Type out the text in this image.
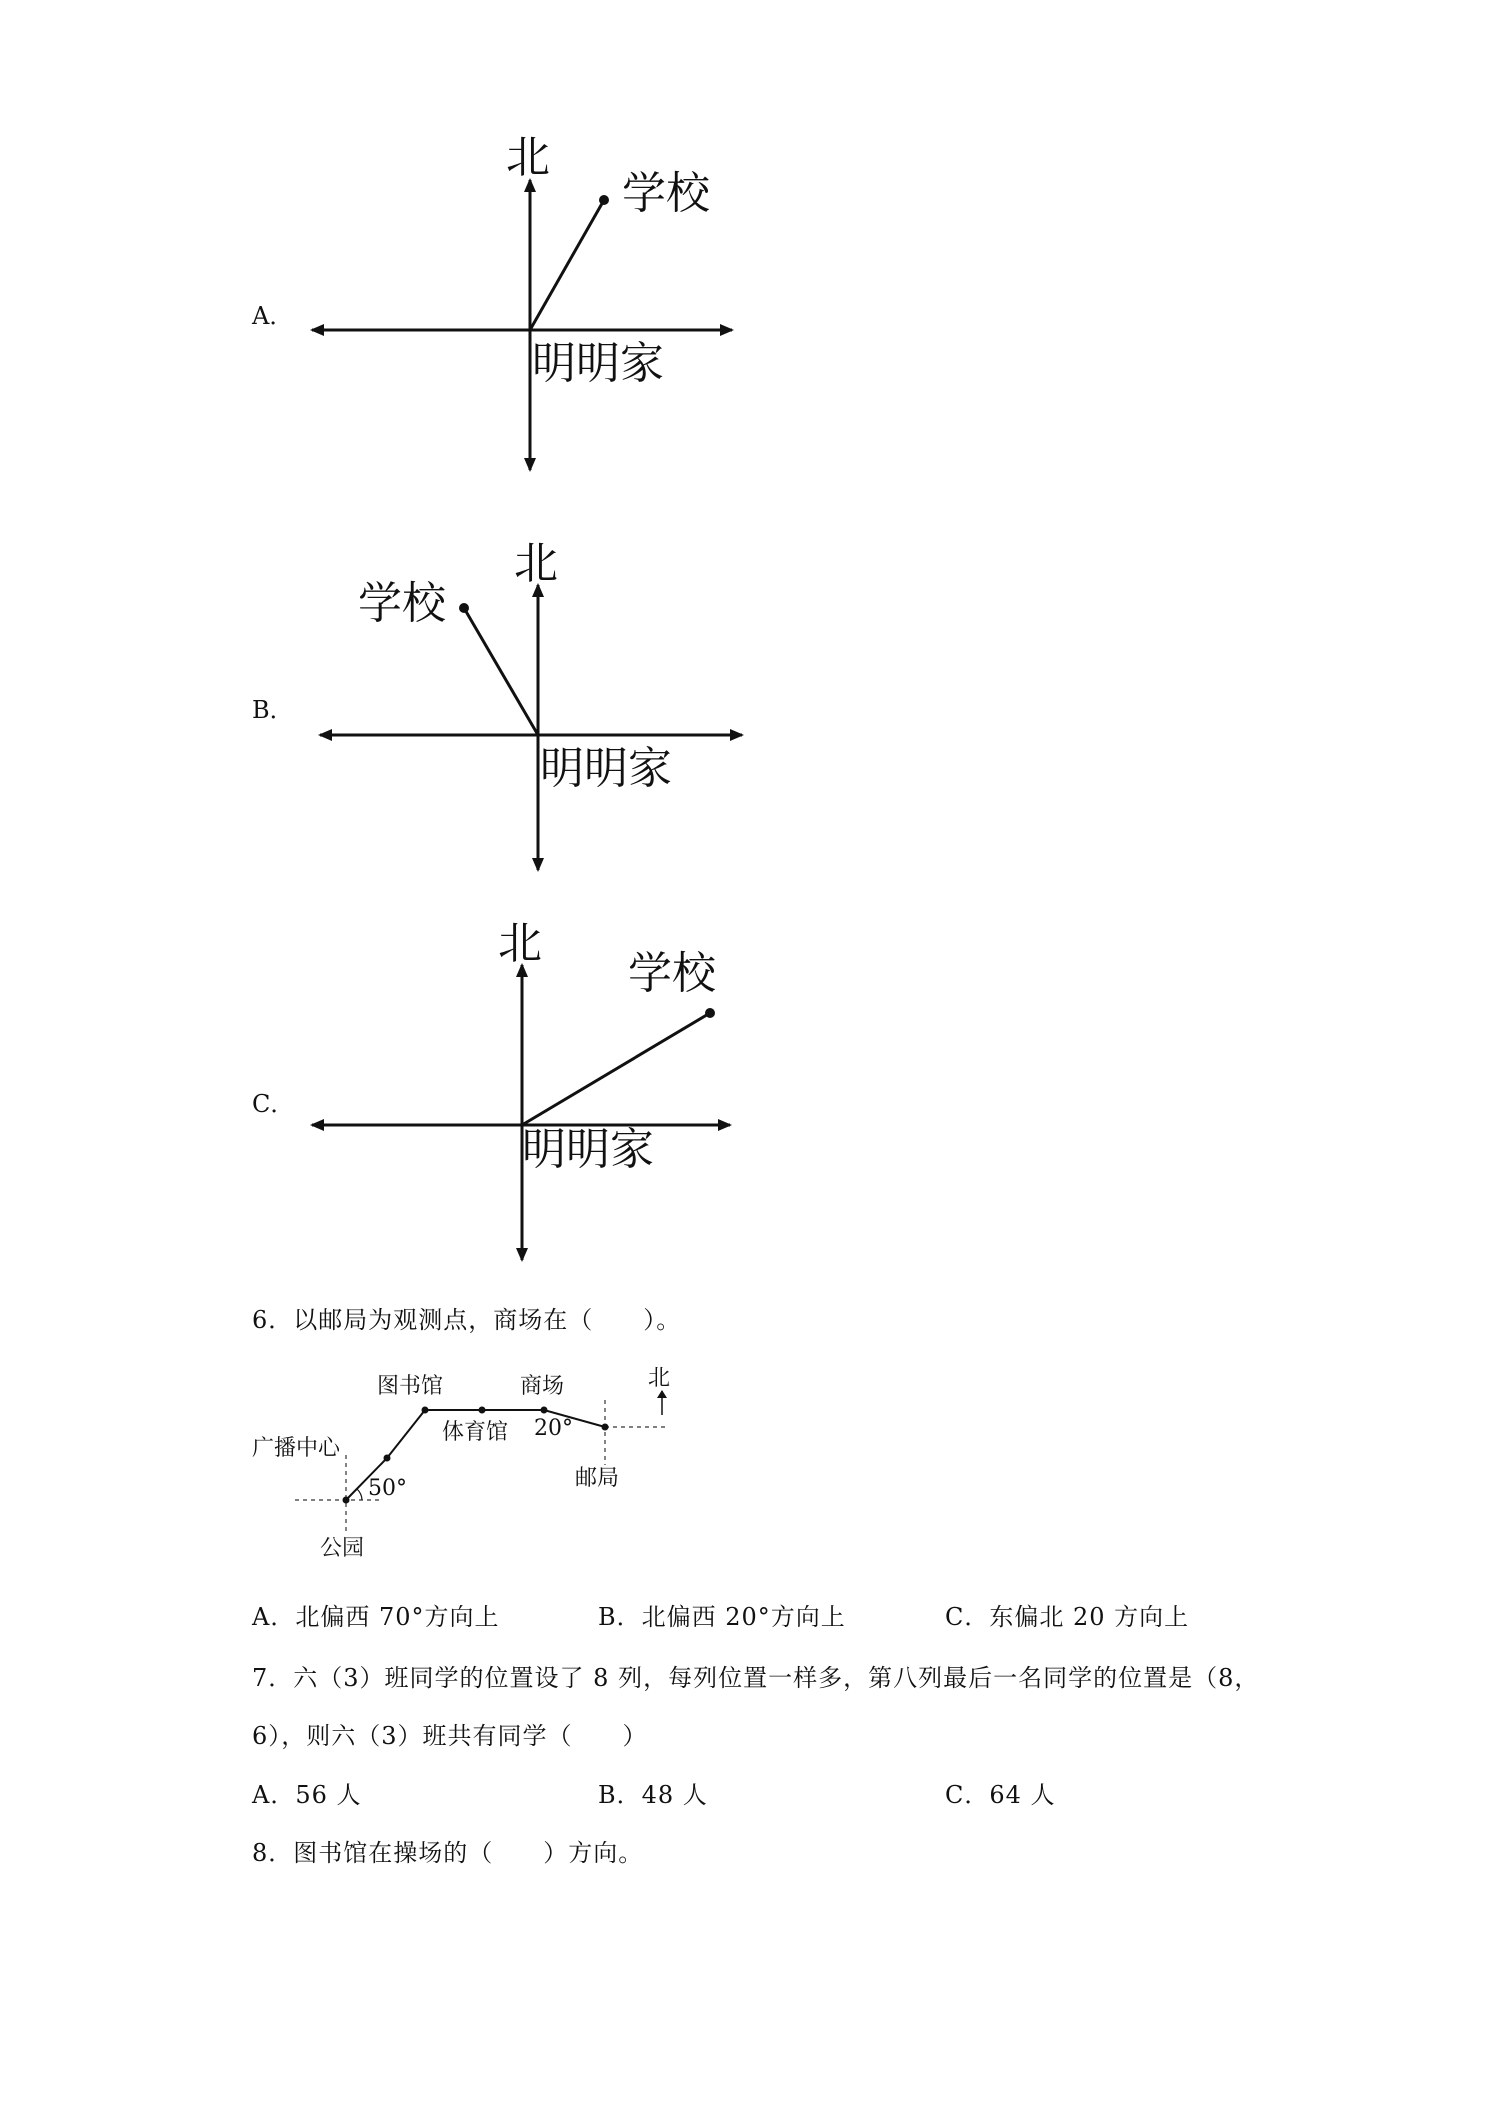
A．
北
学校
明明家
B．
北
学校
明明家
C．
北
学校
明明家
6．以邮局为观测点，商场在（　　）。
图书馆	商场	北
广播中心
体育馆 20°
50°	邮局
公园
A．北偏西 70°方向上	B．北偏西 20°方向上	C．东偏北 20 方向上
7．六（3）班同学的位置设了 8 列，每列位置一样多，第八列最后一名同学的位置是（8，
6），则六（3）班共有同学（　　）
A．56 人	B．48 人	C．64 人
8．图书馆在操场的（　　）方向。
